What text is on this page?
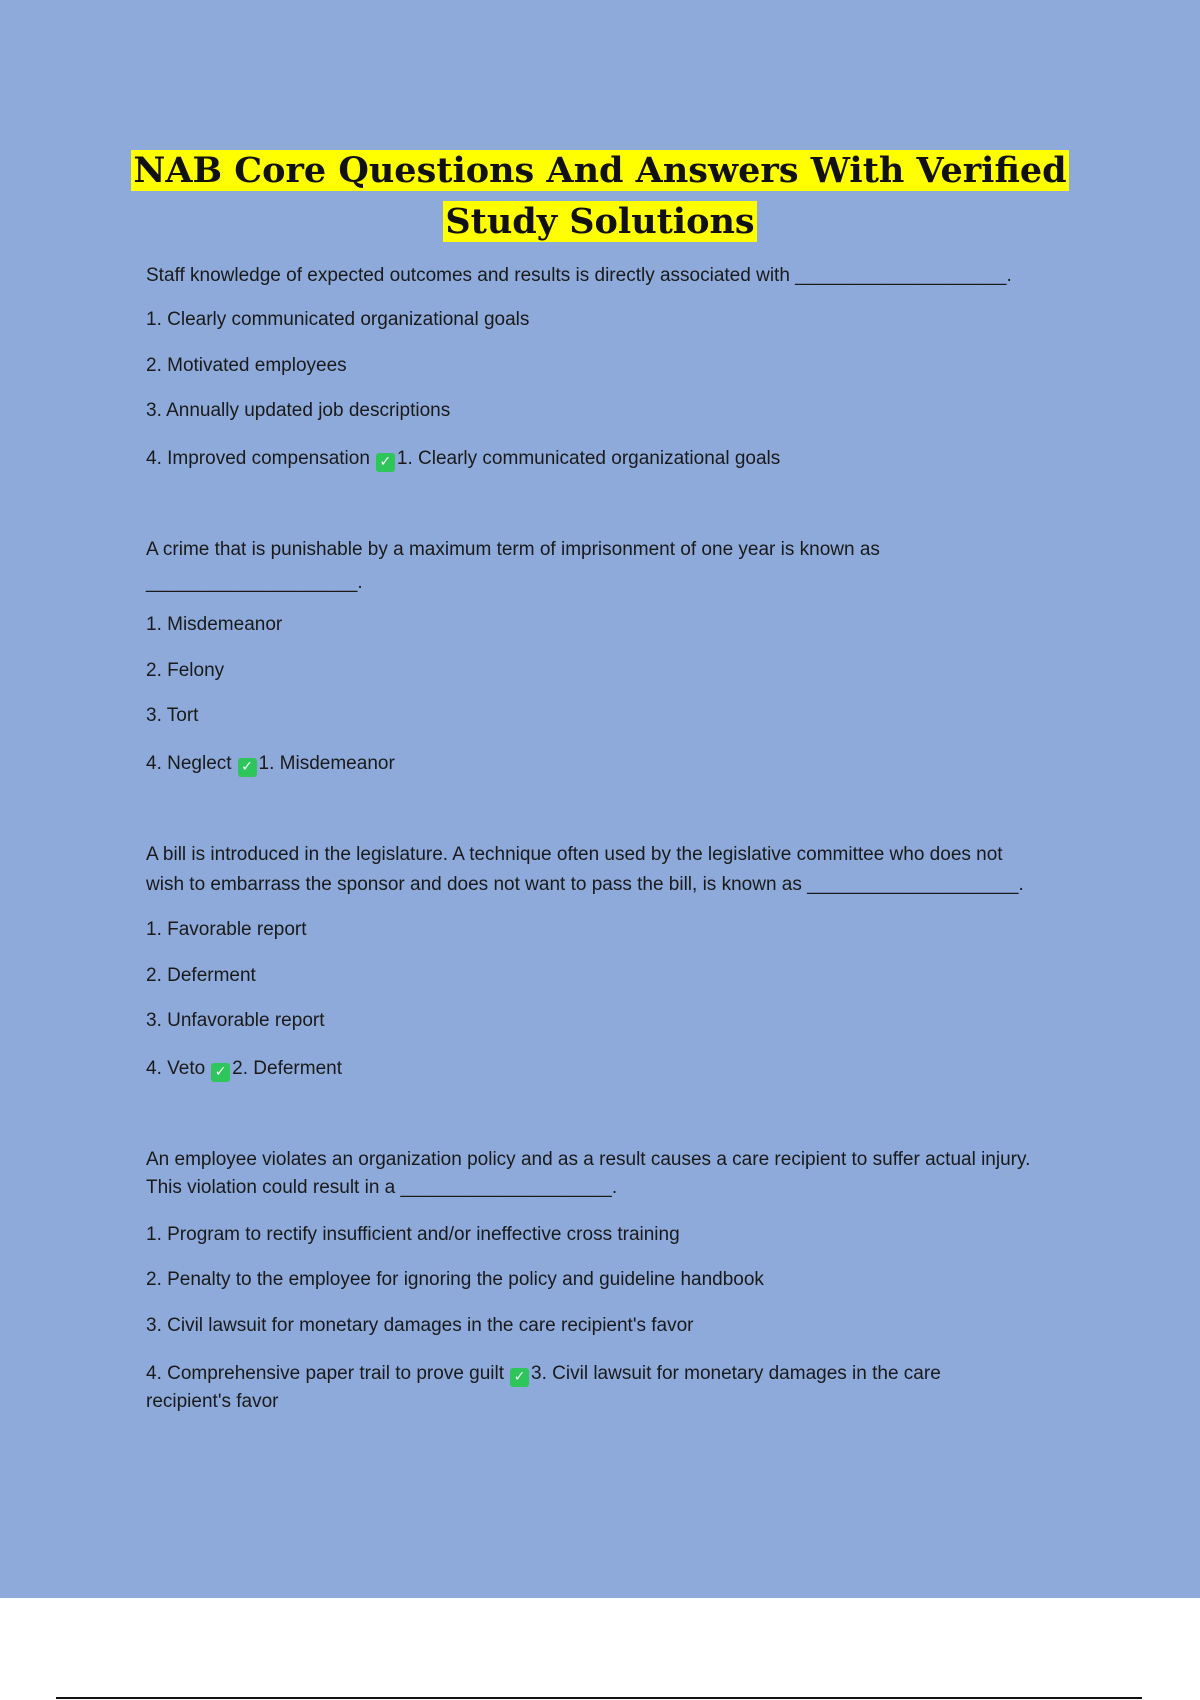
NAB Core Questions And Answers With Verified
Study Solutions
Staff knowledge of expected outcomes and results is directly associated with ____________________.
1. Clearly communicated organizational goals
2. Motivated employees
3. Annually updated job descriptions
4. Improved compensation ✓ 1. Clearly communicated organizational goals
A crime that is punishable by a maximum term of imprisonment of one year is known as
____________________.
1. Misdemeanor
2. Felony
3. Tort
4. Neglect ✓ 1. Misdemeanor
A bill is introduced in the legislature. A technique often used by the legislative committee who does not
wish to embarrass the sponsor and does not want to pass the bill, is known as ____________________.
1. Favorable report
2. Deferment
3. Unfavorable report
4. Veto ✓ 2. Deferment
An employee violates an organization policy and as a result causes a care recipient to suffer actual injury.
This violation could result in a ____________________.
1. Program to rectify insufficient and/or ineffective cross training
2. Penalty to the employee for ignoring the policy and guideline handbook
3. Civil lawsuit for monetary damages in the care recipient's favor
4. Comprehensive paper trail to prove guilt ✓ 3. Civil lawsuit for monetary damages in the care
recipient's favor
